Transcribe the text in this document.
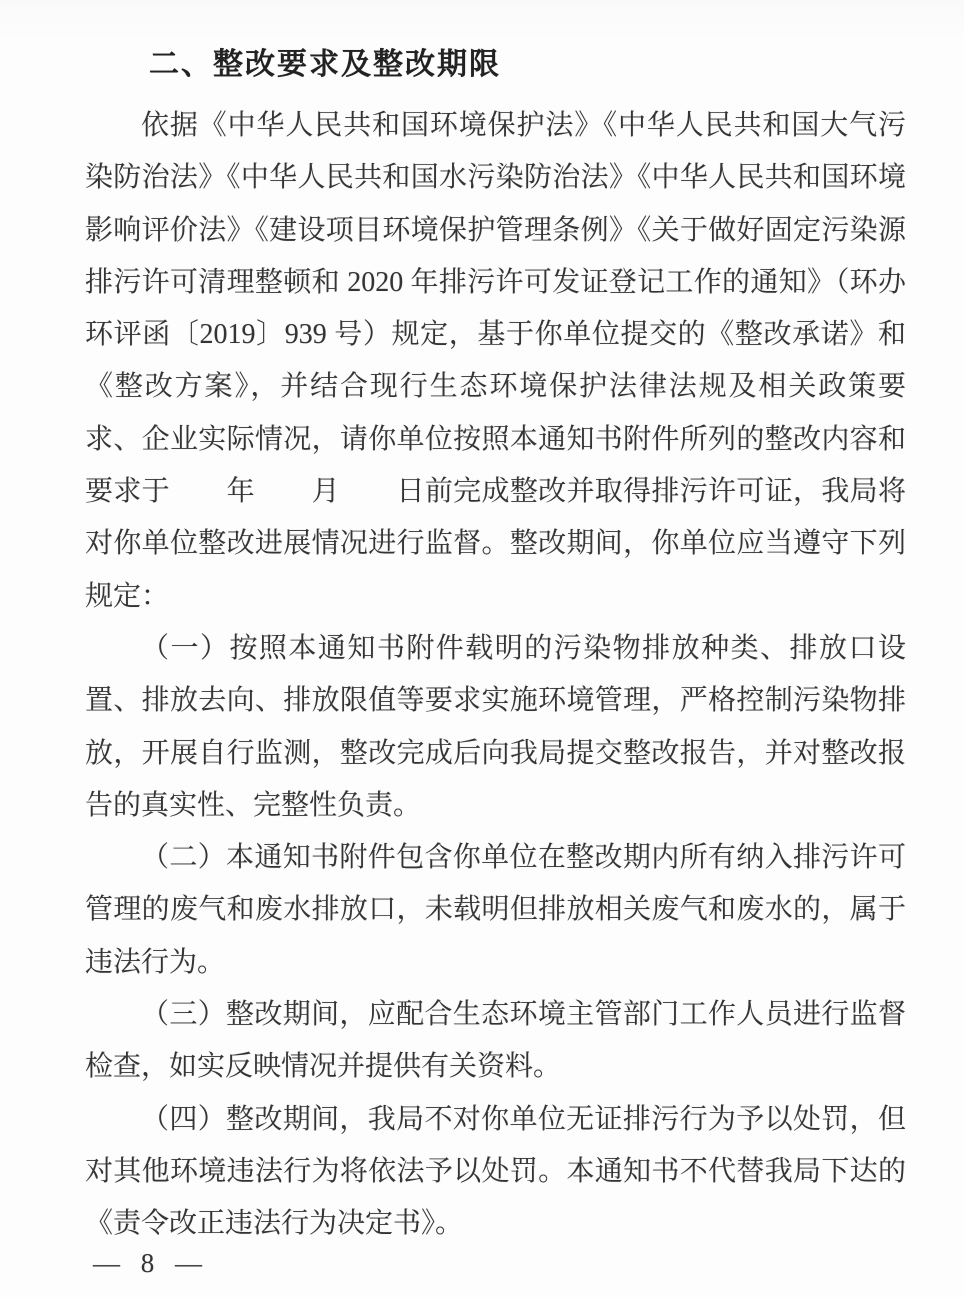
二、整改要求及整改期限

依据《中华人民共和国环境保护法》《中华人民共和国大气污染防治法》《中华人民共和国水污染防治法》《中华人民共和国环境影响评价法》《建设项目环境保护管理条例》《关于做好固定污染源排污许可清理整顿和 2020 年排污许可发证登记工作的通知》（环办环评函〔2019〕939 号）规定，基于你单位提交的《整改承诺》和《整改方案》，并结合现行生态环境保护法律法规及相关政策要求、企业实际情况，请你单位按照本通知书附件所列的整改内容和要求于　　年　　月　　日前完成整改并取得排污许可证，我局将对你单位整改进展情况进行监督。整改期间，你单位应当遵守下列规定：

（一）按照本通知书附件载明的污染物排放种类、排放口设置、排放去向、排放限值等要求实施环境管理，严格控制污染物排放，开展自行监测，整改完成后向我局提交整改报告，并对整改报告的真实性、完整性负责。

（二）本通知书附件包含你单位在整改期内所有纳入排污许可管理的废气和废水排放口，未载明但排放相关废气和废水的，属于违法行为。

（三）整改期间，应配合生态环境主管部门工作人员进行监督检查，如实反映情况并提供有关资料。

（四）整改期间，我局不对你单位无证排污行为予以处罚，但对其他环境违法行为将依法予以处罚。本通知书不代替我局下达的《责令改正违法行为决定书》。

— 8 —
